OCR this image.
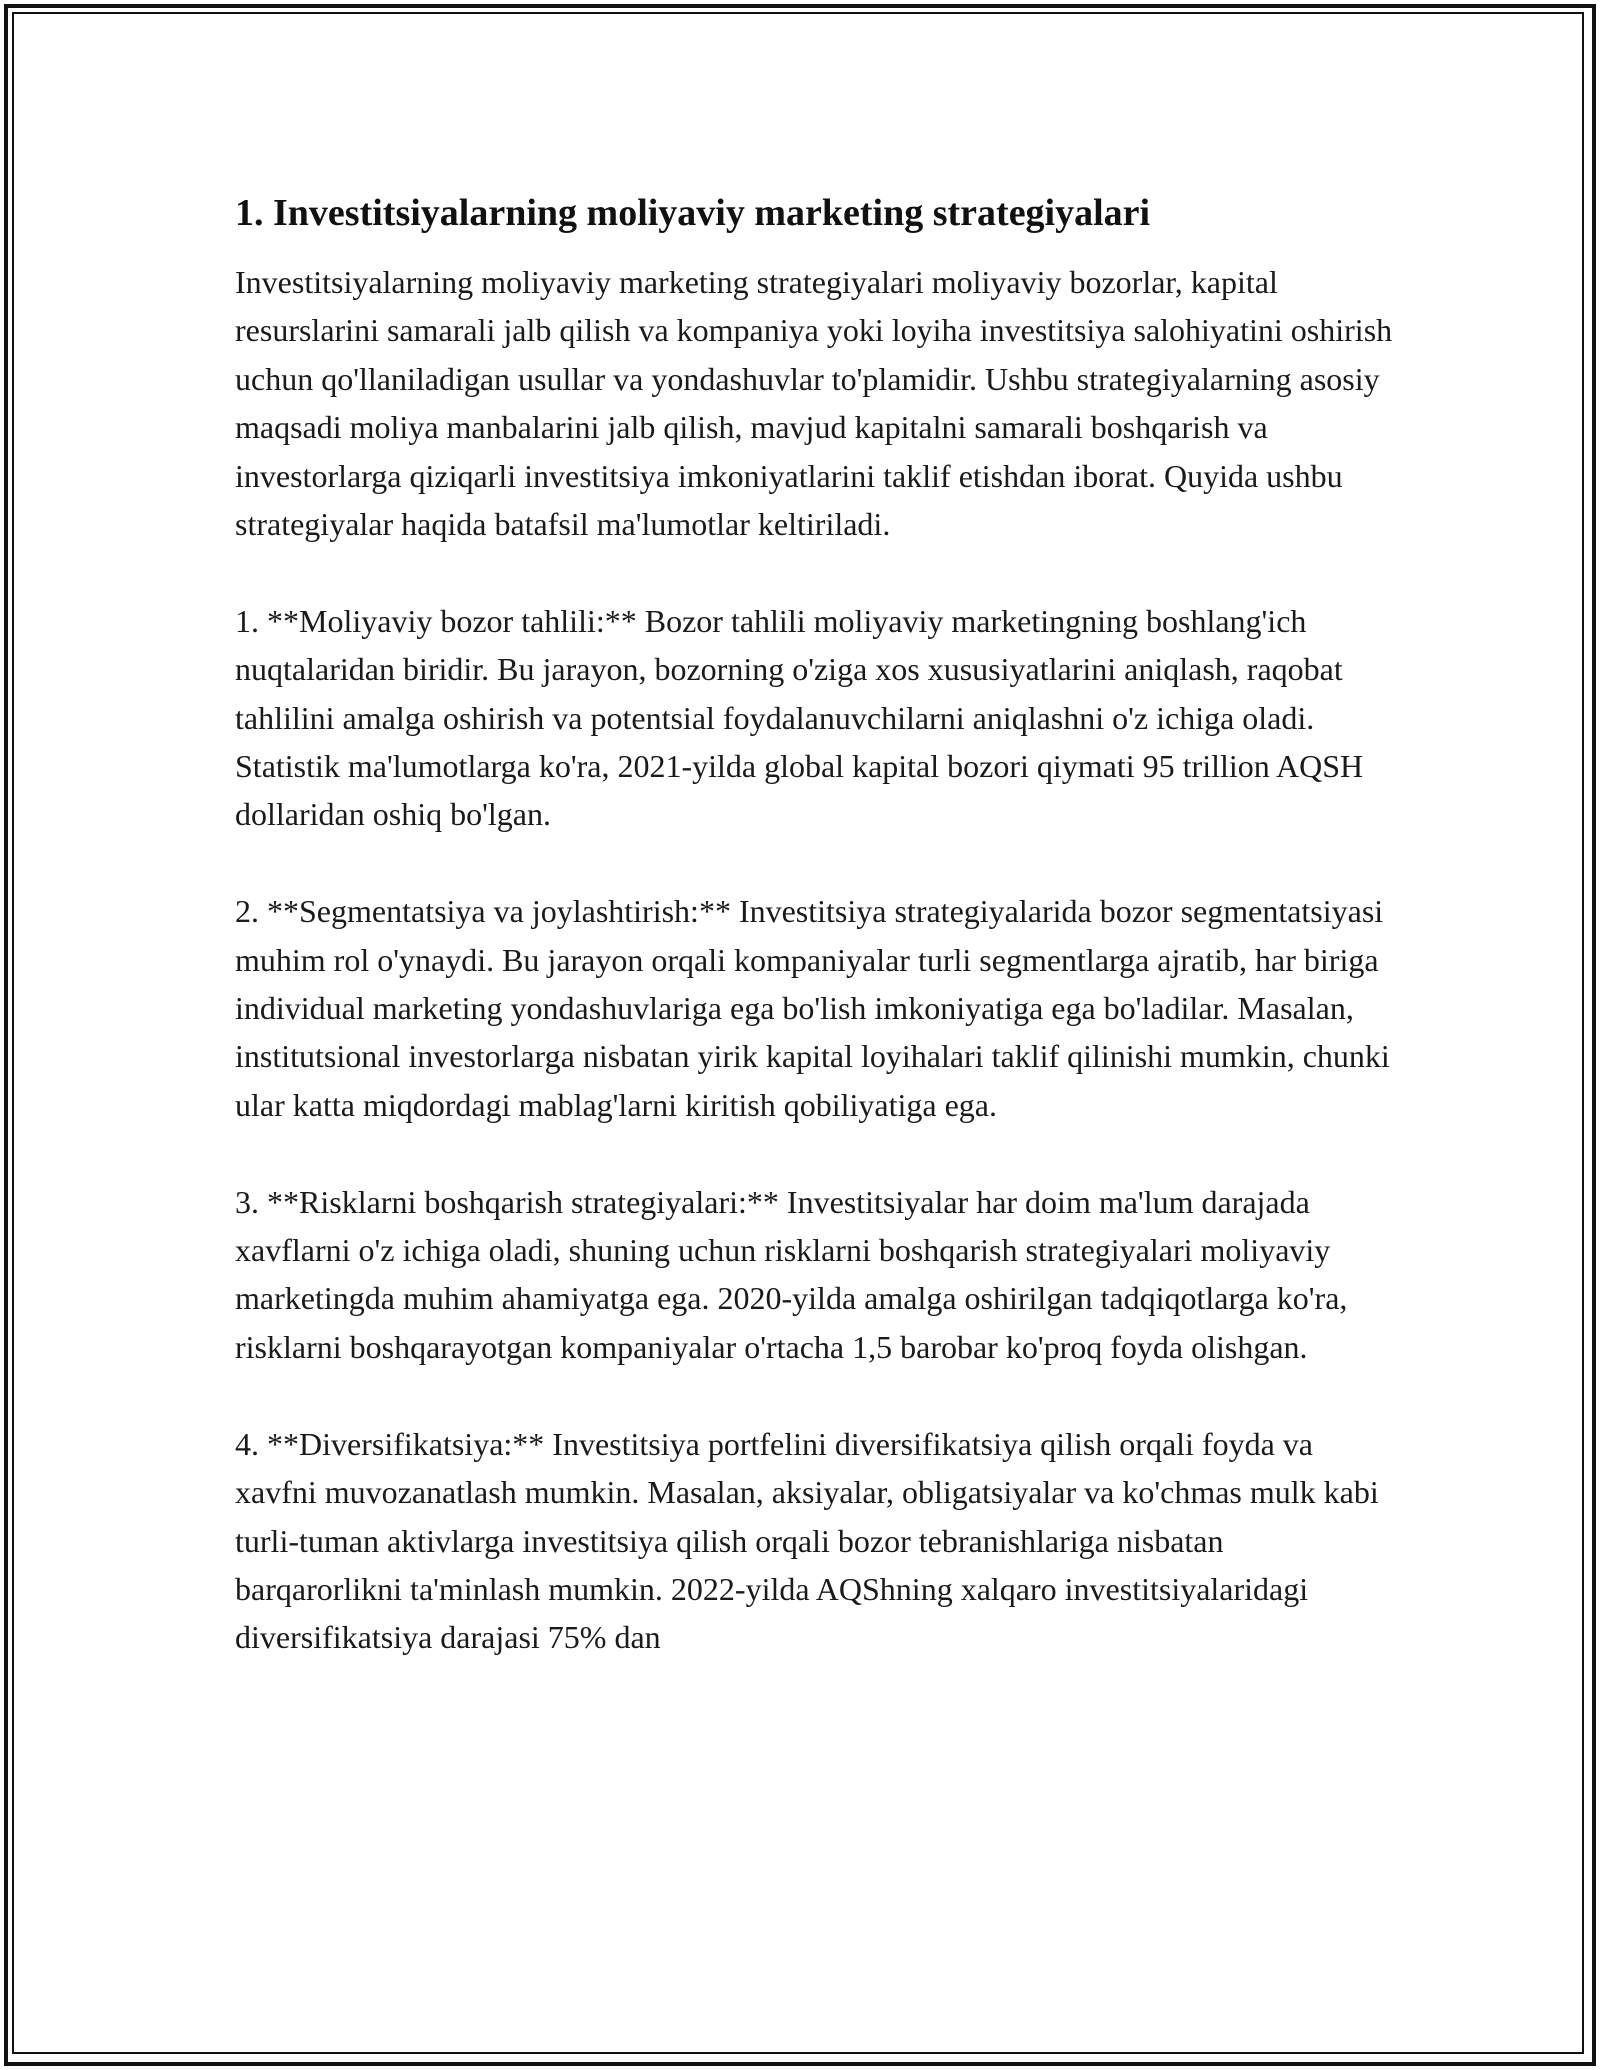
1. Investitsiyalarning moliyaviy marketing strategiyalari

Investitsiyalarning moliyaviy marketing strategiyalari moliyaviy bozorlar, kapital resurslarini samarali jalb qilish va kompaniya yoki loyiha investitsiya salohiyatini oshirish uchun qo'llaniladigan usullar va yondashuvlar to'plamidir. Ushbu strategiyalarning asosiy maqsadi moliya manbalarini jalb qilish, mavjud kapitalni samarali boshqarish va investorlarga qiziqarli investitsiya imkoniyatlarini taklif etishdan iborat. Quyida ushbu strategiyalar haqida batafsil ma'lumotlar keltiriladi.

1. **Moliyaviy bozor tahlili:** Bozor tahlili moliyaviy marketingning boshlang'ich nuqtalaridan biridir. Bu jarayon, bozorning o'ziga xos xususiyatlarini aniqlash, raqobat tahlilini amalga oshirish va potentsial foydalanuvchilarni aniqlashni o'z ichiga oladi. Statistik ma'lumotlarga ko'ra, 2021-yilda global kapital bozori qiymati 95 trillion AQSH dollaridan oshiq bo'lgan.

2. **Segmentatsiya va joylashtirish:** Investitsiya strategiyalarida bozor segmentatsiyasi muhim rol o'ynaydi. Bu jarayon orqali kompaniyalar turli segmentlarga ajratib, har biriga individual marketing yondashuvlariga ega bo'lish imkoniyatiga ega bo'ladilar. Masalan, institutsional investorlarga nisbatan yirik kapital loyihalari taklif qilinishi mumkin, chunki ular katta miqdordagi mablag'larni kiritish qobiliyatiga ega.

3. **Risklarni boshqarish strategiyalari:** Investitsiyalar har doim ma'lum darajada xavflarni o'z ichiga oladi, shuning uchun risklarni boshqarish strategiyalari moliyaviy marketingda muhim ahamiyatga ega. 2020-yilda amalga oshirilgan tadqiqotlarga ko'ra, risklarni boshqarayotgan kompaniyalar o'rtacha 1,5 barobar ko'proq foyda olishgan.

4. **Diversifikatsiya:** Investitsiya portfelini diversifikatsiya qilish orqali foyda va xavfni muvozanatlash mumkin. Masalan, aksiyalar, obligatsiyalar va ko'chmas mulk kabi turli-tuman aktivlarga investitsiya qilish orqali bozor tebranishlariga nisbatan barqarorlikni ta'minlash mumkin. 2022-yilda AQShning xalqaro investitsiyalaridagi diversifikatsiya darajasi 75% dan
